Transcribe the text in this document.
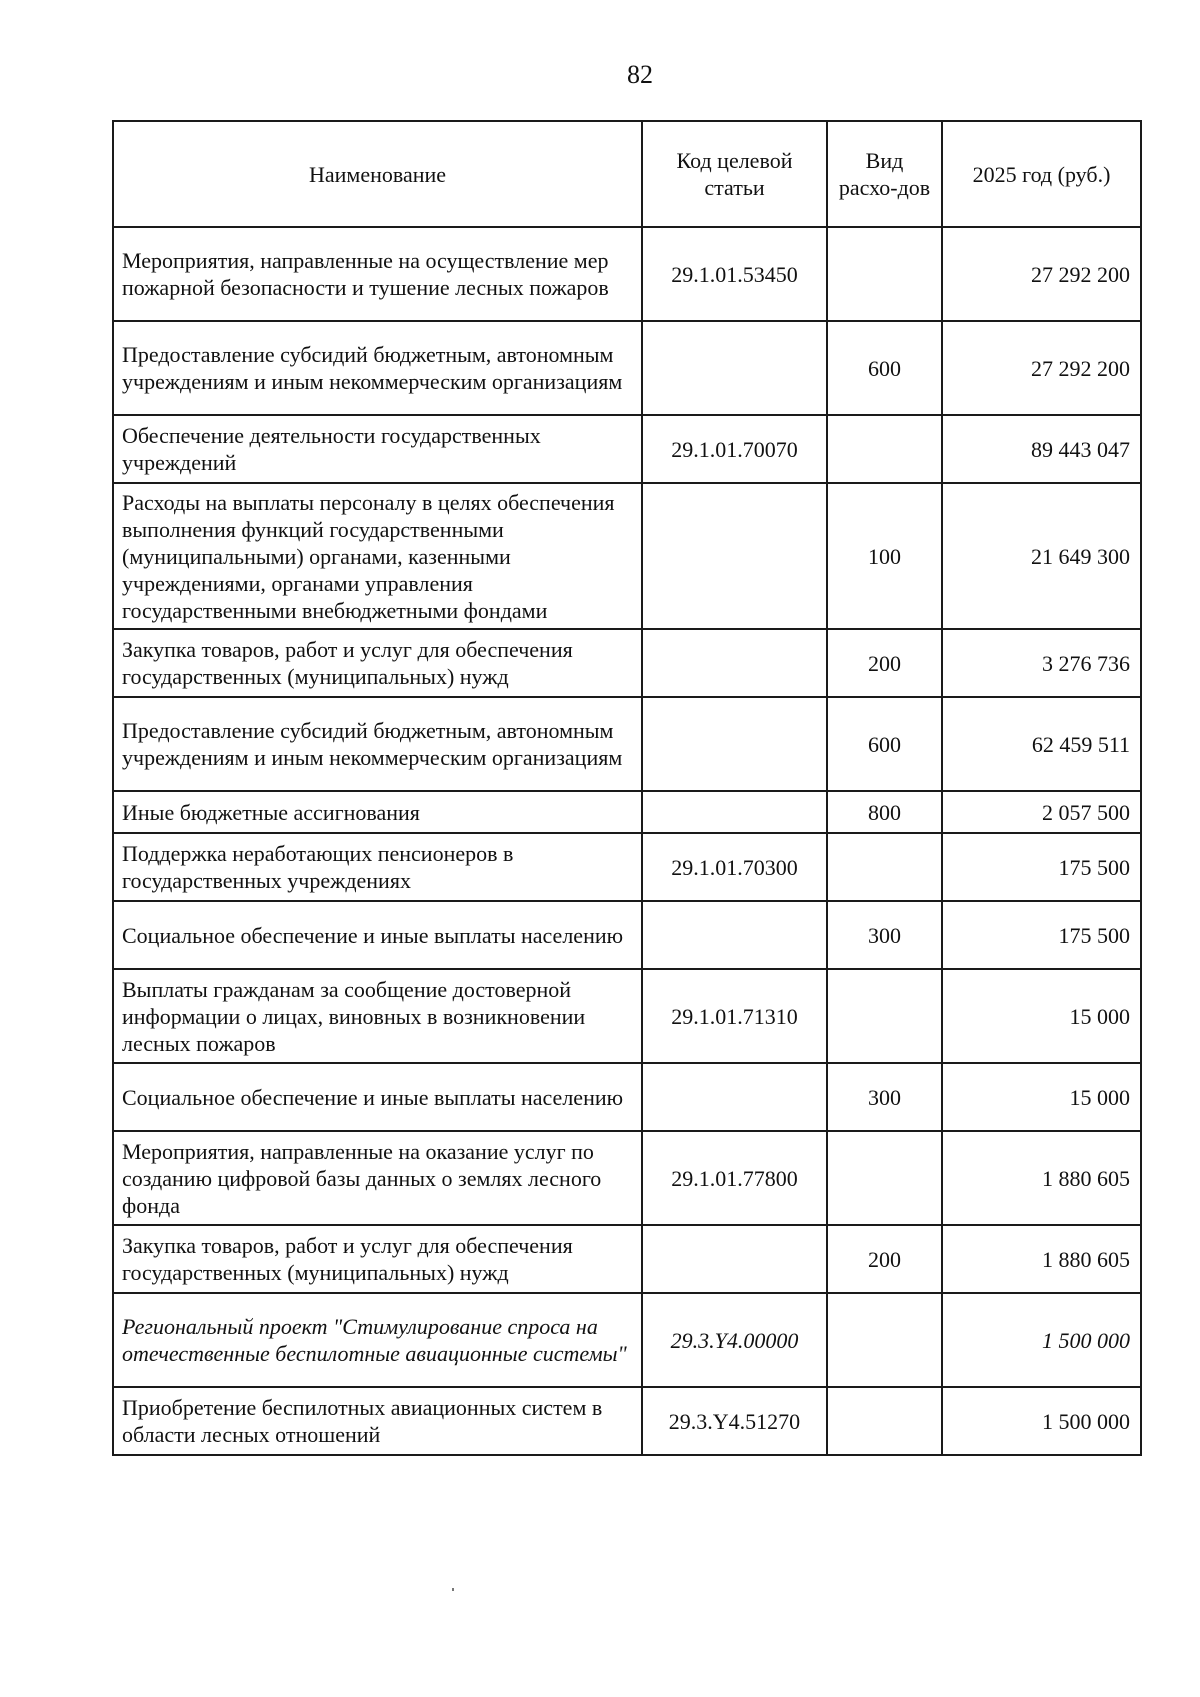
82
Наименование	Код целевой статьи	Вид расхо-дов	2025 год (руб.)
Мероприятия, направленные на осуществление мер пожарной безопасности и тушение лесных пожаров	29.1.01.53450		27 292 200
Предоставление субсидий бюджетным, автономным учреждениям и иным некоммерческим организациям		600	27 292 200
Обеспечение деятельности государственных учреждений	29.1.01.70070		89 443 047
Расходы на выплаты персоналу в целях обеспечения выполнения функций государственными (муниципальными) органами, казенными учреждениями, органами управления государственными внебюджетными фондами		100	21 649 300
Закупка товаров, работ и услуг для обеспечения государственных (муниципальных) нужд		200	3 276 736
Предоставление субсидий бюджетным, автономным учреждениям и иным некоммерческим организациям		600	62 459 511
Иные бюджетные ассигнования		800	2 057 500
Поддержка неработающих пенсионеров в государственных учреждениях	29.1.01.70300		175 500
Социальное обеспечение и иные выплаты населению		300	175 500
Выплаты гражданам за сообщение достоверной информации о лицах, виновных в возникновении лесных пожаров	29.1.01.71310		15 000
Социальное обеспечение и иные выплаты населению		300	15 000
Мероприятия, направленные на оказание услуг по созданию цифровой базы данных о землях лесного фонда	29.1.01.77800		1 880 605
Закупка товаров, работ и услуг для обеспечения государственных (муниципальных) нужд		200	1 880 605
Региональный проект "Стимулирование спроса на отечественные беспилотные авиационные системы"	29.3.Y4.00000		1 500 000
Приобретение беспилотных авиационных систем в области лесных отношений	29.3.Y4.51270		1 500 000
